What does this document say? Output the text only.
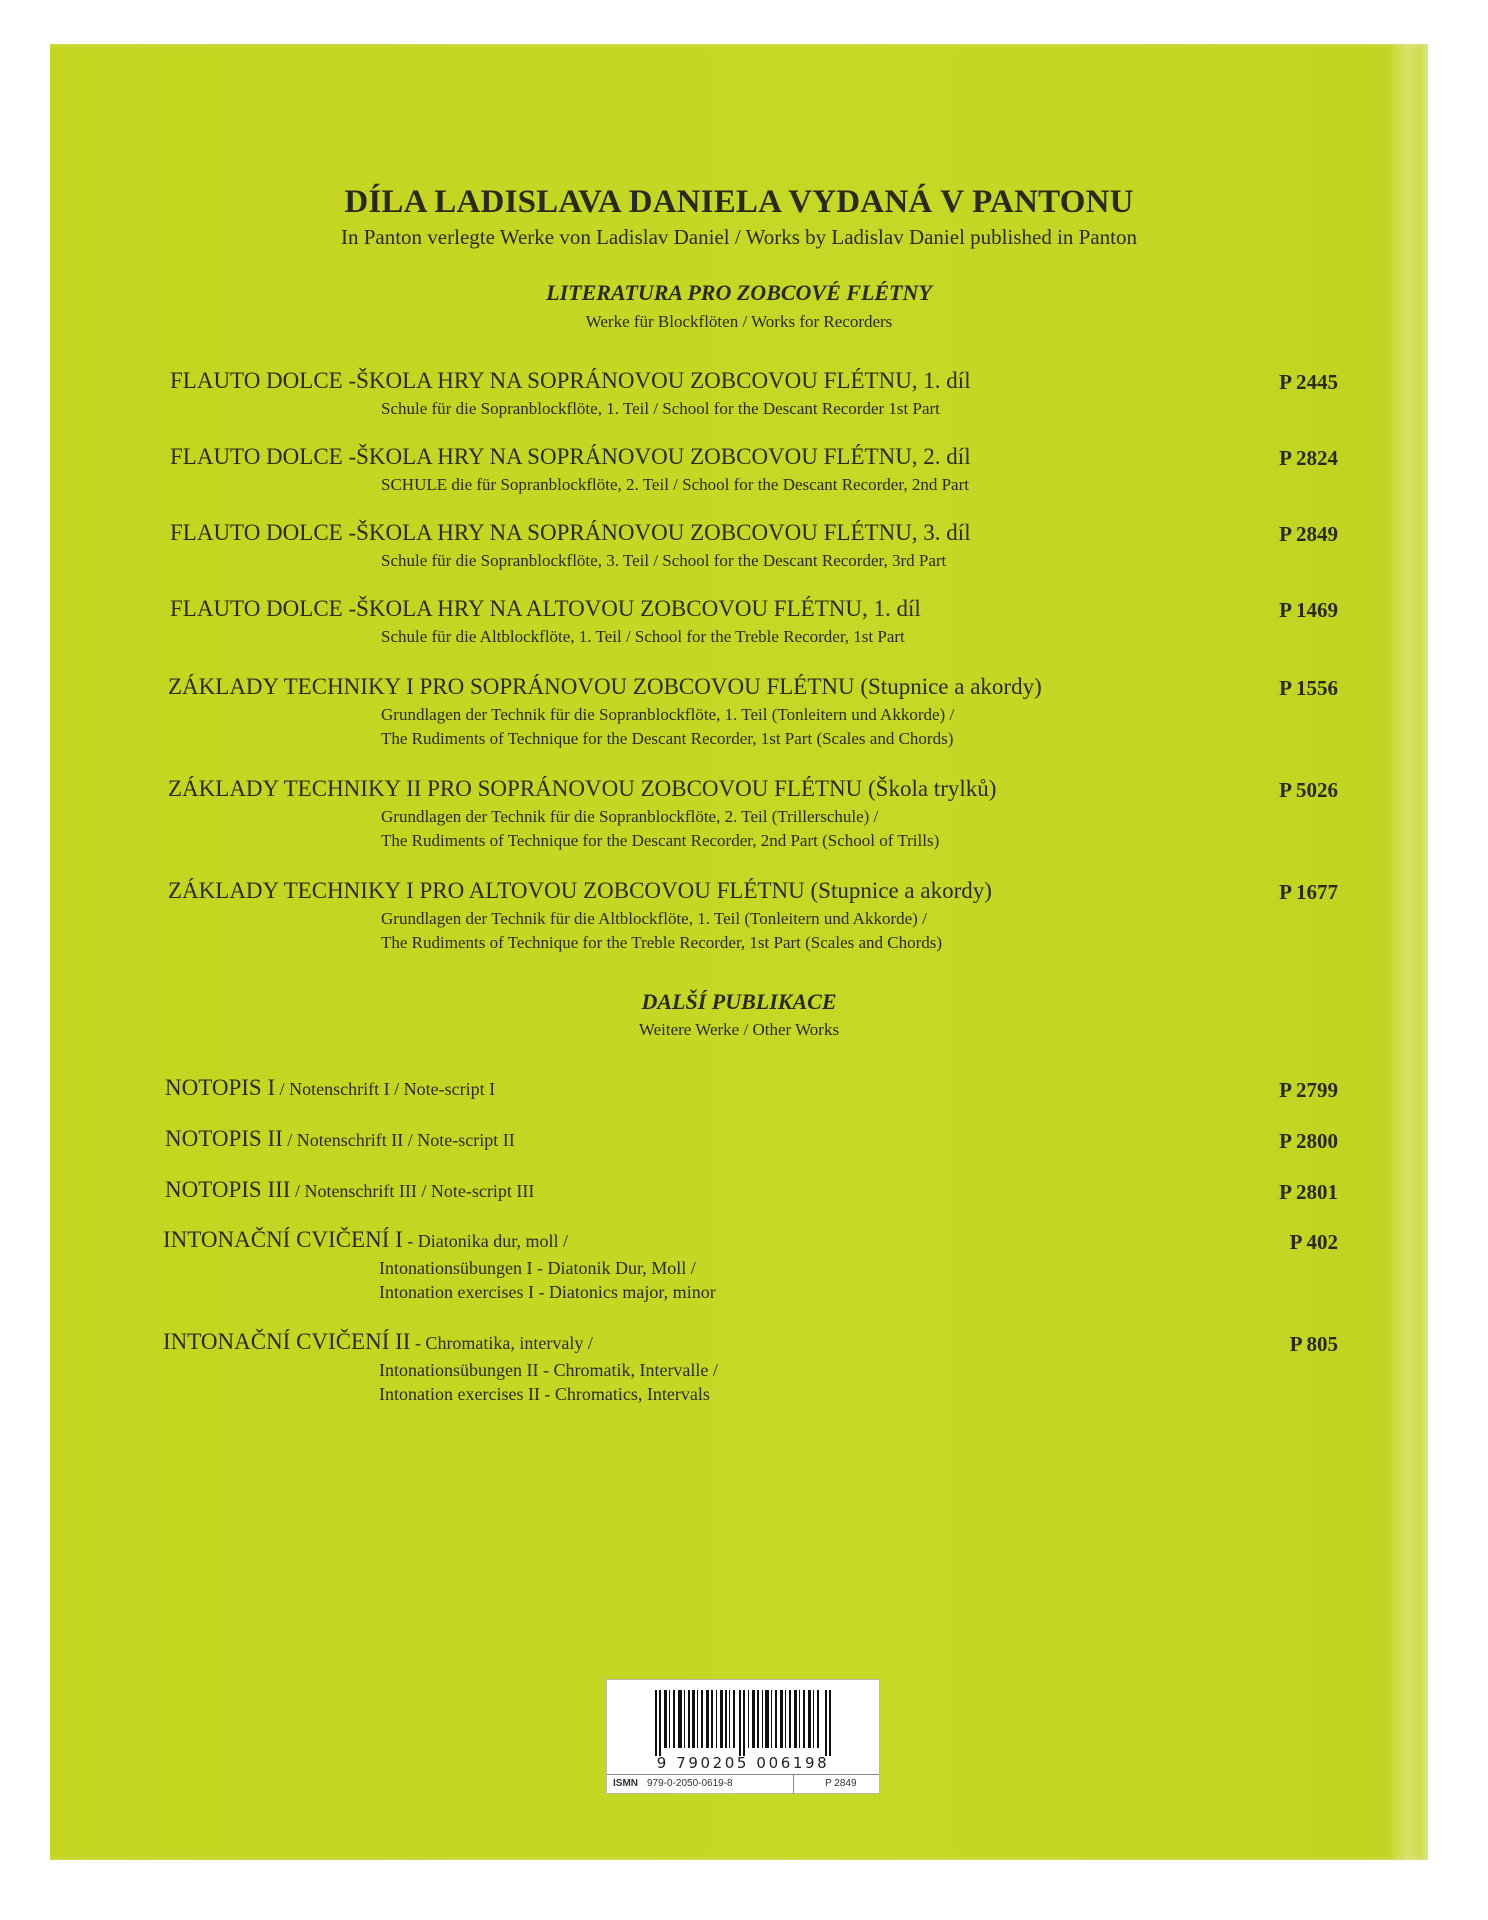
DÍLA LADISLAVA DANIELA VYDANÁ V PANTONU
In Panton verlegte Werke von Ladislav Daniel / Works by Ladislav Daniel published in Panton
LITERATURA PRO ZOBCOVÉ FLÉTNY
Werke für Blockflöten / Works for Recorders
FLAUTO DOLCE -ŠKOLA HRY NA SOPRÁNOVOU ZOBCOVOU FLÉTNU, 1. díl
Schule für die Sopranblockflöte, 1. Teil / School for the Descant Recorder 1st Part
P 2445
FLAUTO DOLCE -ŠKOLA HRY NA SOPRÁNOVOU ZOBCOVOU FLÉTNU, 2. díl
SCHULE die für Sopranblockflöte, 2. Teil / School for the Descant Recorder, 2nd Part
P 2824
FLAUTO DOLCE -ŠKOLA HRY NA SOPRÁNOVOU ZOBCOVOU FLÉTNU, 3. díl
Schule für die Sopranblockflöte, 3. Teil / School for the Descant Recorder, 3rd Part
P 2849
FLAUTO DOLCE -ŠKOLA HRY NA ALTOVOU ZOBCOVOU FLÉTNU, 1. díl
Schule für die Altblockflöte, 1. Teil / School for the Treble Recorder, 1st Part
P 1469
ZÁKLADY TECHNIKY I PRO SOPRÁNOVOU ZOBCOVOU FLÉTNU (Stupnice a akordy)
Grundlagen der Technik für die Sopranblockflöte, 1. Teil (Tonleitern und Akkorde) /
The Rudiments of Technique for the Descant Recorder, 1st Part (Scales and Chords)
P 1556
ZÁKLADY TECHNIKY II PRO SOPRÁNOVOU ZOBCOVOU FLÉTNU (Škola trylků)
Grundlagen der Technik für die Sopranblockflöte, 2. Teil (Trillerschule) /
The Rudiments of Technique for the Descant Recorder, 2nd Part (School of Trills)
P 5026
ZÁKLADY TECHNIKY I PRO ALTOVOU ZOBCOVOU FLÉTNU (Stupnice a akordy)
Grundlagen der Technik für die Altblockflöte, 1. Teil (Tonleitern und Akkorde) /
The Rudiments of Technique for the Treble Recorder, 1st Part (Scales and Chords)
P 1677
DALŠÍ PUBLIKACE
Weitere Werke / Other Works
NOTOPIS I / Notenschrift I / Note-script I	P 2799
NOTOPIS II / Notenschrift II / Note-script II	P 2800
NOTOPIS III / Notenschrift III / Note-script III	P 2801
INTONAČNÍ CVIČENÍ I - Diatonika dur, moll /
Intonationsübungen I - Diatonik Dur, Moll /
Intonation exercises I - Diatonics major, minor
P 402
INTONAČNÍ CVIČENÍ II - Chromatika, intervaly /
Intonationsübungen II - Chromatik, Intervalle /
Intonation exercises II - Chromatics, Intervals
P 805
9 790205 006198
ISMN 979-0-2050-0619-8	P 2849
